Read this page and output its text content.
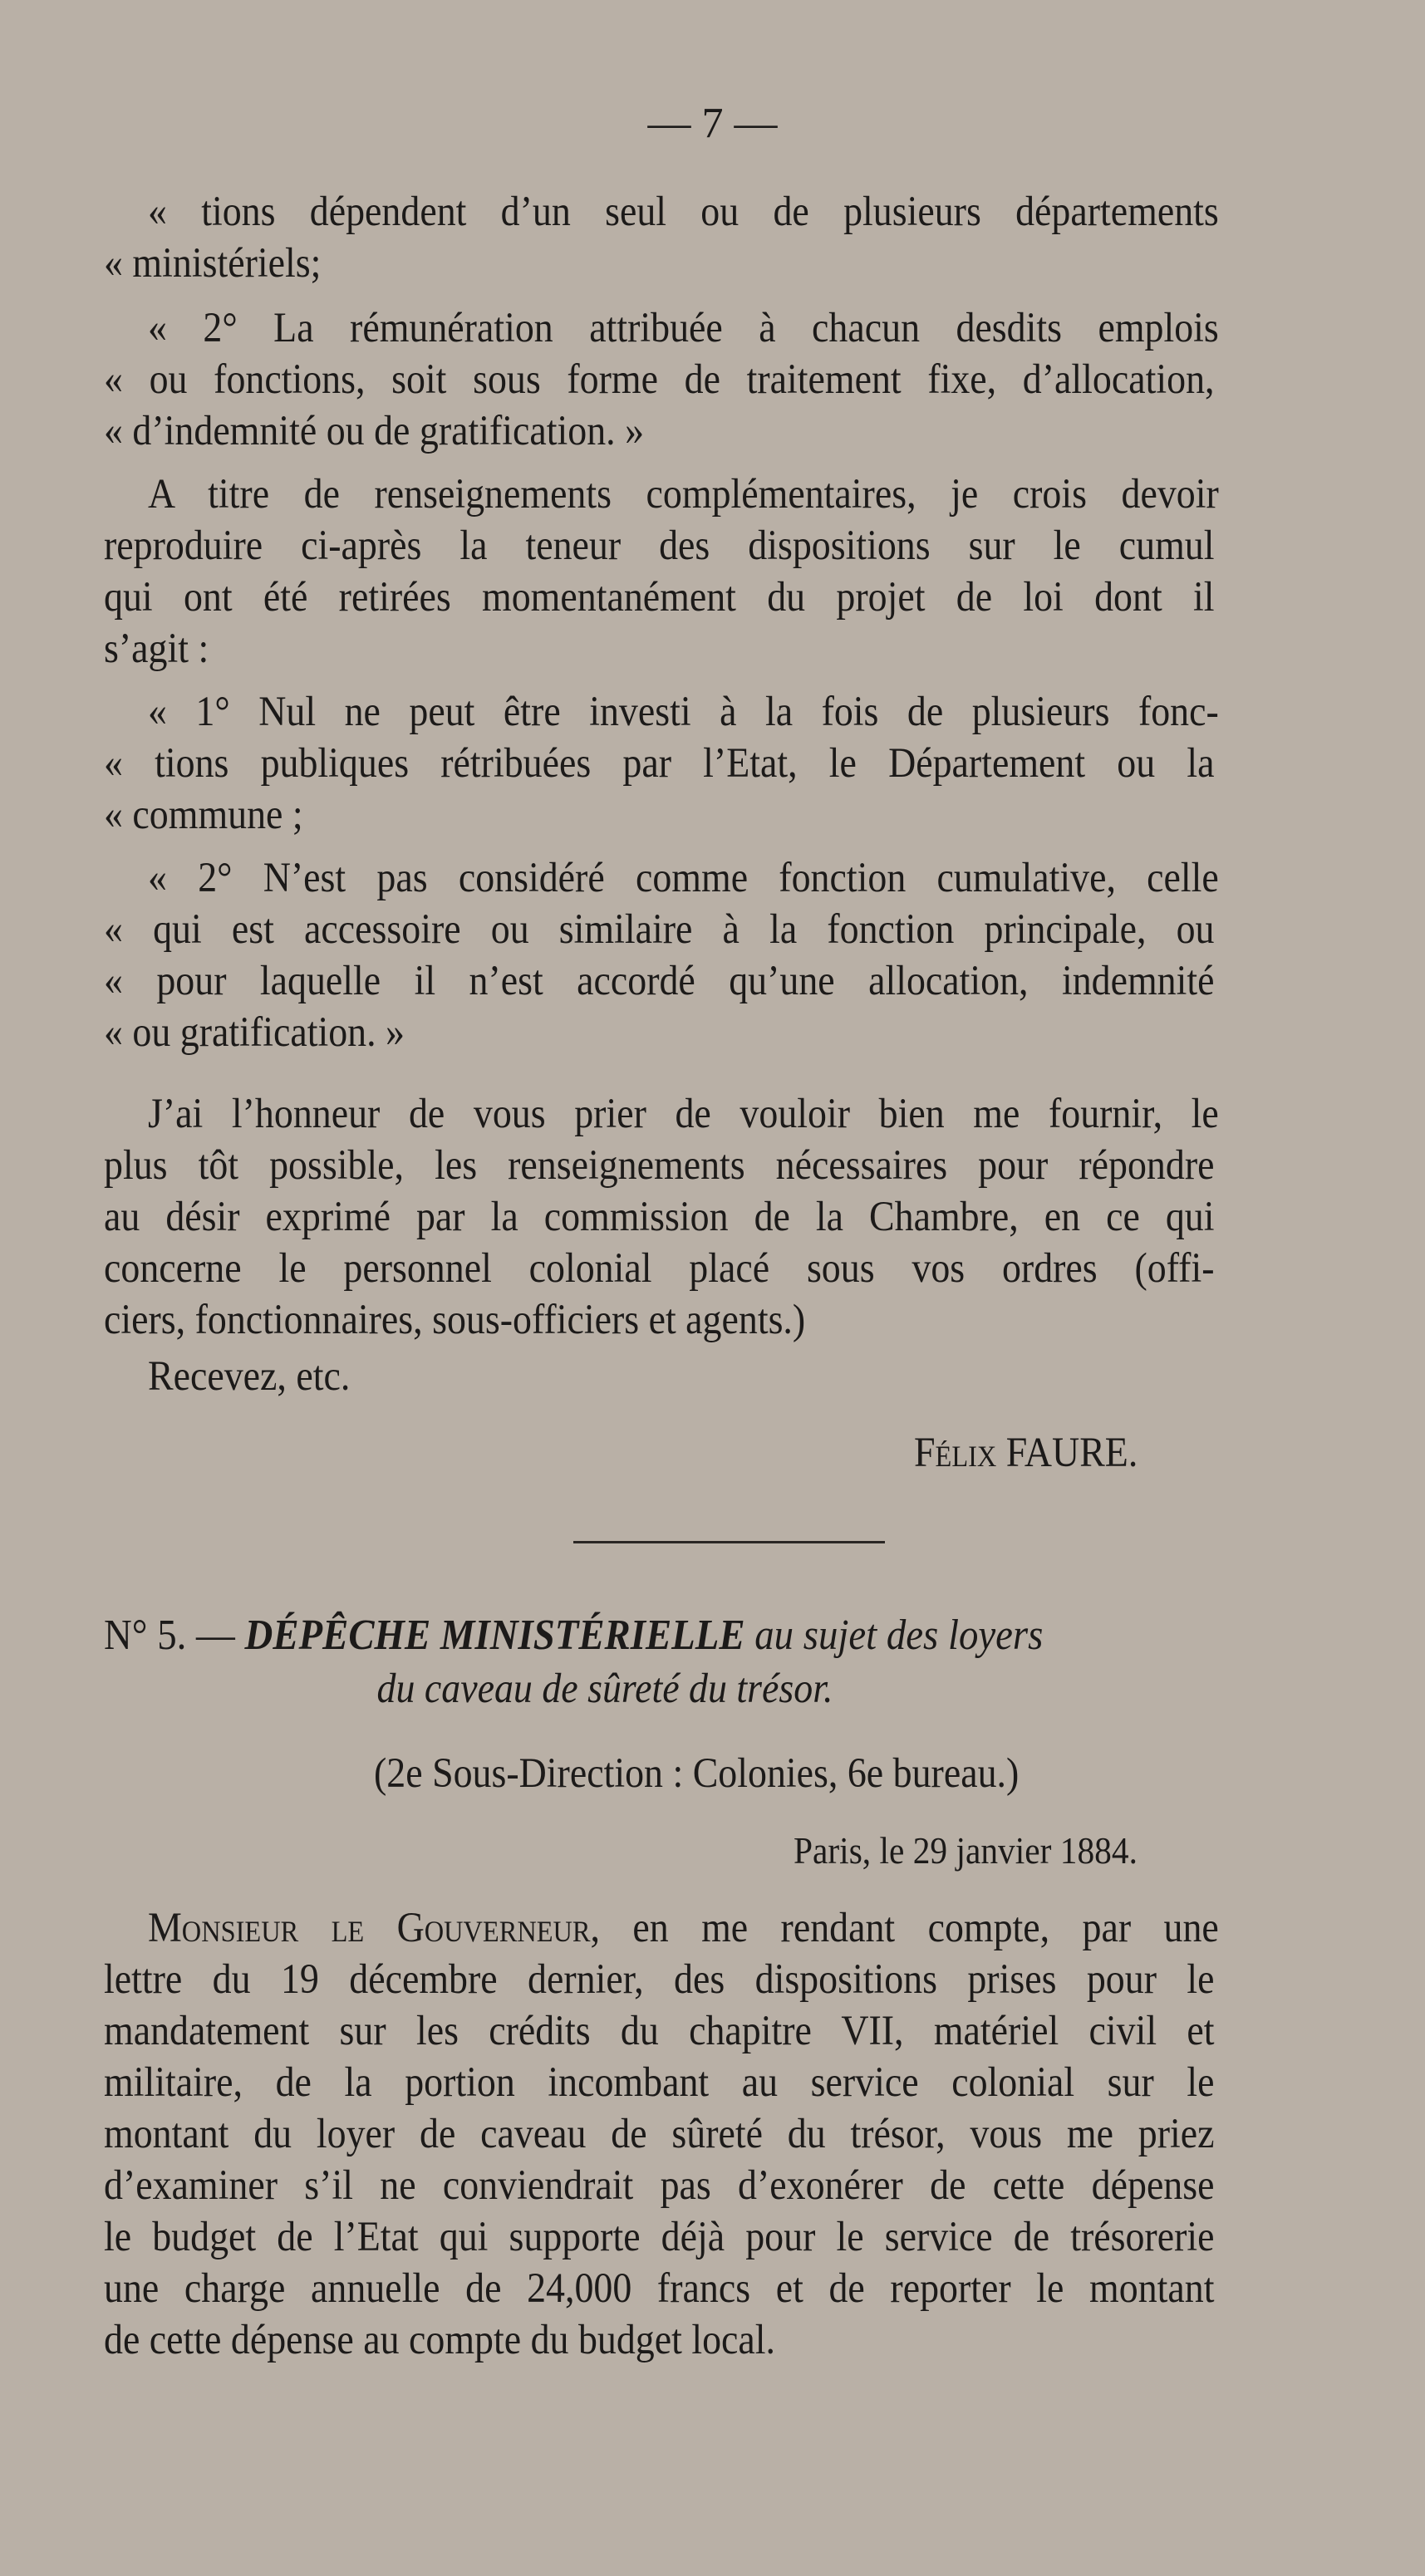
— 7 —

« tions dépendent d’un seul ou de plusieurs départements

« ministériels;

« 2° La rémunération attribuée à chacun desdits emplois

« ou fonctions, soit sous forme de traitement fixe, d’allocation,

« d’indemnité ou de gratification. »

A titre de renseignements complémentaires, je crois devoir

reproduire ci-après la teneur des dispositions sur le cumul

qui ont été retirées momentanément du projet de loi dont il

s’agit :

« 1° Nul ne peut être investi à la fois de plusieurs fonc-

« tions publiques rétribuées par l’Etat, le Département ou la

« commune ;

« 2° N’est pas considéré comme fonction cumulative, celle

« qui est accessoire ou similaire à la fonction principale, ou

« pour laquelle il n’est accordé qu’une allocation, indemnité

« ou gratification. »

J’ai l’honneur de vous prier de vouloir bien me fournir, le

plus tôt possible, les renseignements nécessaires pour répondre

au désir exprimé par la commission de la Chambre, en ce qui

concerne le personnel colonial placé sous vos ordres (offi-

ciers, fonctionnaires, sous-officiers et agents.)

Recevez, etc.

Félix FAURE.

N° 5. — DÉPÊCHE MINISTÉRIELLE au sujet des loyers

du caveau de sûreté du trésor.

(2e Sous-Direction : Colonies, 6e bureau.)

Paris, le 29 janvier 1884.

Monsieur le Gouverneur, en me rendant compte, par une

lettre du 19 décembre dernier, des dispositions prises pour le

mandatement sur les crédits du chapitre VII, matériel civil et

militaire, de la portion incombant au service colonial sur le

montant du loyer de caveau de sûreté du trésor, vous me priez

d’examiner s’il ne conviendrait pas d’exonérer de cette dépense

le budget de l’Etat qui supporte déjà pour le service de trésorerie

une charge annuelle de 24,000 francs et de reporter le montant

de cette dépense au compte du budget local.
